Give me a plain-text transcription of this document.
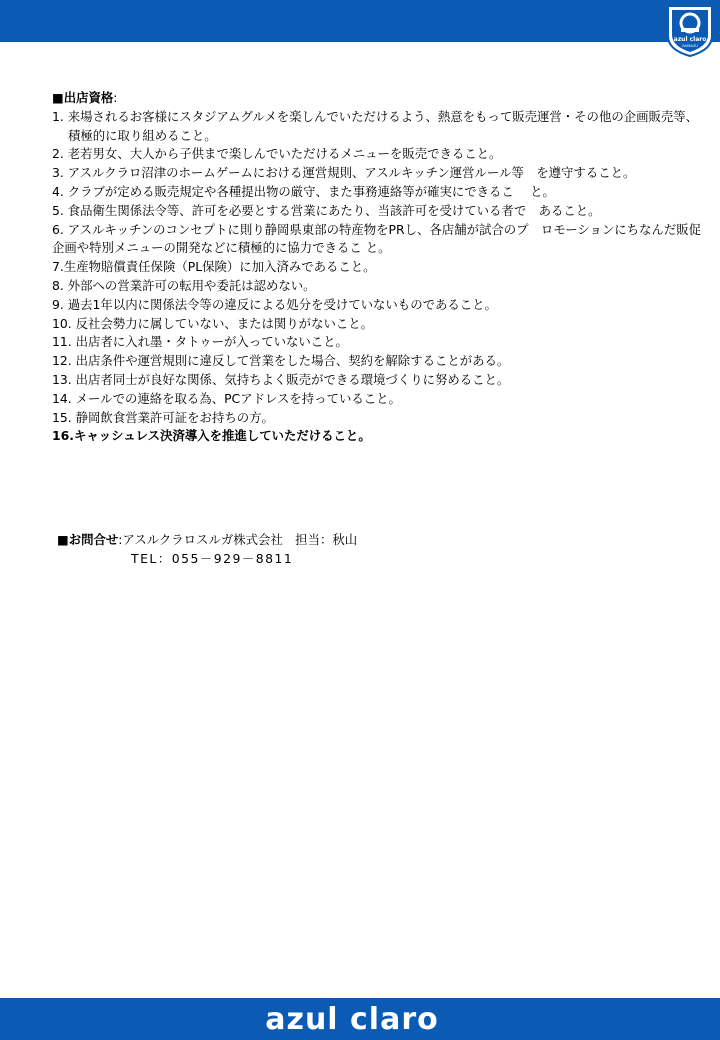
azul claro
NUMAZU

■出店資格:

1. 来場されるお客様にスタジアムグルメを楽しんでいただけるよう、熱意をもって販売運営・その他の企画販売等、積極的に取り組めること。

2. 老若男女、大人から子供まで楽しんでいただけるメニューを販売できること。

3. アスルクラロ沼津のホームゲームにおける運営規則、アスルキッチン運営ルール等　を遵守すること。

4. クラブが定める販売規定や各種提出物の厳守、また事務連絡等が確実にできるこ　 と。

5. 食品衛生関係法令等、許可を必要とする営業にあたり、当該許可を受けている者で　あること。

6. アスルキッチンのコンセプトに則り静岡県東部の特産物をPRし、各店舗が試合のプ　ロモーションにちなんだ販促企画や特別メニューの開発などに積極的に協力できるこ と。

7.生産物賠償責任保険（PL保険）に加入済みであること。

8. 外部への営業許可の転用や委託は認めない。

9. 過去1年以内に関係法令等の違反による処分を受けていないものであること。

10. 反社会勢力に属していない、または関りがないこと。

11. 出店者に入れ墨・タトゥーが入っていないこと。

12. 出店条件や運営規則に違反して営業をした場合、契約を解除することがある。

13. 出店者同士が良好な関係、気持ちよく販売ができる環境づくりに努めること。

14. メールでの連絡を取る為、PCアドレスを持っていること。

15. 静岡飲食営業許可証をお持ちの方。

16.キャッシュレス決済導入を推進していただけること。

■お問合せ:アスルクラロスルガ株式会社　担当：秋山
TEL：055－929－8811
azul claro
